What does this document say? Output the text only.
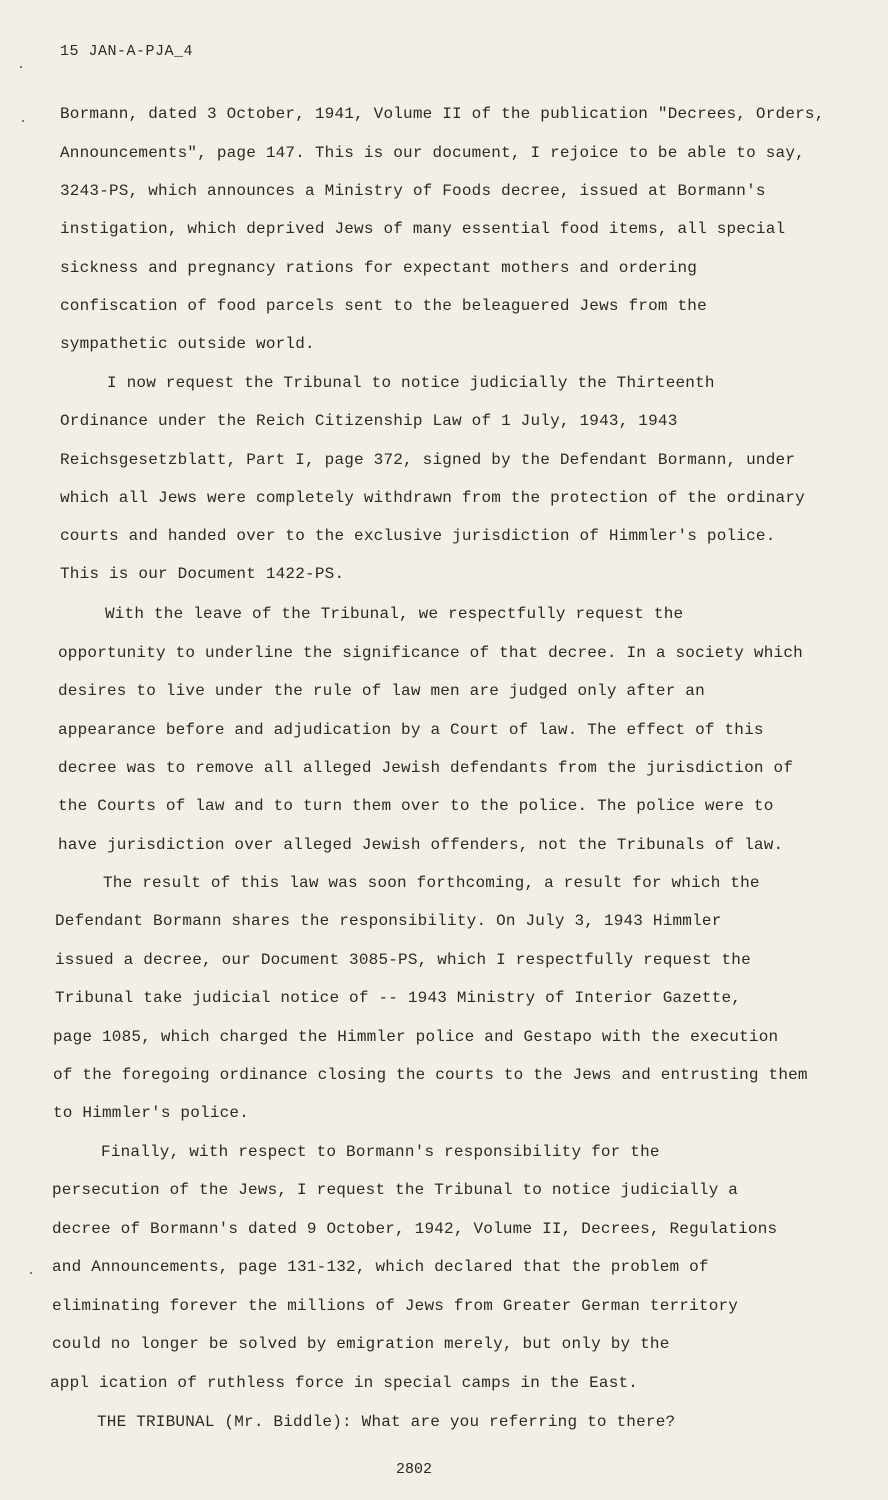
15 JAN-A-PJA_4
Bormann, dated 3 October, 1941, Volume II of the publication "Decrees, Orders,
Announcements", page 147. This is our document, I rejoice to be able to say,
3243-PS, which announces a Ministry of Foods decree, issued at Bormann's
instigation, which deprived Jews of many essential food items, all special
sickness and pregnancy rations for expectant mothers and ordering
confiscation of food parcels sent to the beleaguered Jews from the
sympathetic outside world.
I now request the Tribunal to notice judicially the Thirteenth
Ordinance under the Reich Citizenship Law of 1 July, 1943, 1943
Reichsgesetzblatt, Part I, page 372, signed by the Defendant Bormann, under
which all Jews were completely withdrawn from the protection of the ordinary
courts and handed over to the exclusive jurisdiction of Himmler's police.
This is our Document 1422-PS.
With the leave of the Tribunal, we respectfully request the
opportunity to underline the significance of that decree. In a society which
desires to live under the rule of law men are judged only after an
appearance before and adjudication by a Court of law. The effect of this
decree was to remove all alleged Jewish defendants from the jurisdiction of
the Courts of law and to turn them over to the police. The police were to
have jurisdiction over alleged Jewish offenders, not the Tribunals of law.
The result of this law was soon forthcoming, a result for which the
Defendant Bormann shares the responsibility. On July 3, 1943 Himmler
issued a decree, our Document 3085-PS, which I respectfully request the
Tribunal take judicial notice of -- 1943 Ministry of Interior Gazette,
page 1085, which charged the Himmler police and Gestapo with the execution
of the foregoing ordinance closing the courts to the Jews and entrusting them
to Himmler's police.
Finally, with respect to Bormann's responsibility for the
persecution of the Jews, I request the Tribunal to notice judicially a
decree of Bormann's dated 9 October, 1942, Volume II, Decrees, Regulations
and Announcements, page 131-132, which declared that the problem of
eliminating forever the millions of Jews from Greater German territory
could no longer be solved by emigration merely, but only by the
appl ication of ruthless force in special camps in the East.
THE TRIBUNAL (Mr. Biddle): What are you referring to there?
2802
